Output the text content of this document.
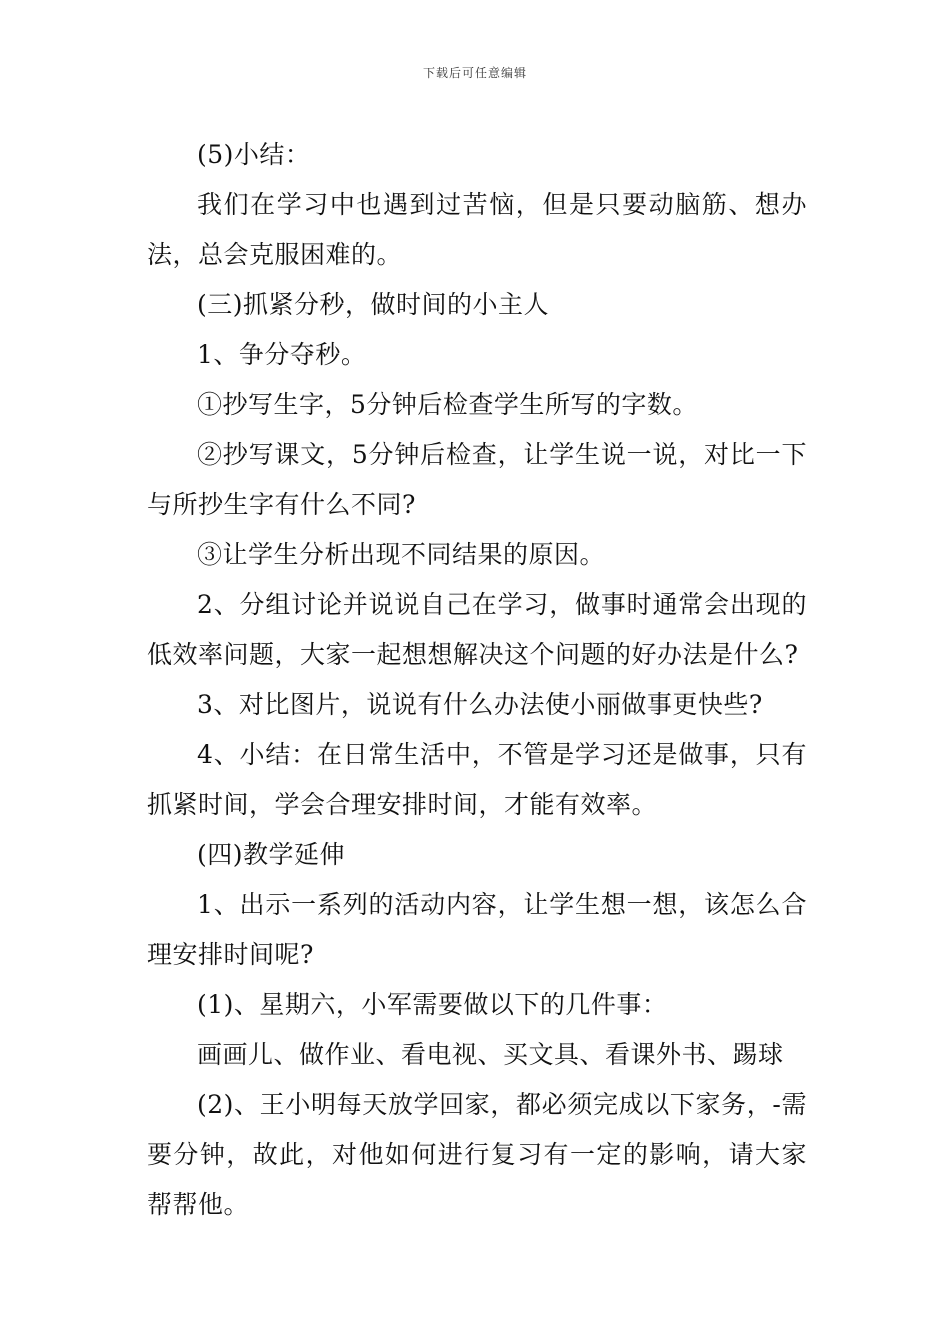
下载后可任意编辑

(5)小结：

我们在学习中也遇到过苦恼，但是只要动脑筋、想办法，总会克服困难的。

(三)抓紧分秒，做时间的小主人

1、争分夺秒。

①抄写生字，5分钟后检查学生所写的字数。

②抄写课文，5分钟后检查，让学生说一说，对比一下与所抄生字有什么不同?

③让学生分析出现不同结果的原因。

2、分组讨论并说说自己在学习，做事时通常会出现的低效率问题，大家一起想想解决这个问题的好办法是什么?

3、对比图片，说说有什么办法使小丽做事更快些?

4、小结：在日常生活中，不管是学习还是做事，只有抓紧时间，学会合理安排时间，才能有效率。

(四)教学延伸

1、出示一系列的活动内容，让学生想一想，该怎么合理安排时间呢?

(1)、星期六，小军需要做以下的几件事：

画画儿、做作业、看电视、买文具、看课外书、踢球

(2)、王小明每天放学回家，都必须完成以下家务，-需要分钟，故此，对他如何进行复习有一定的影响，请大家帮帮他。
